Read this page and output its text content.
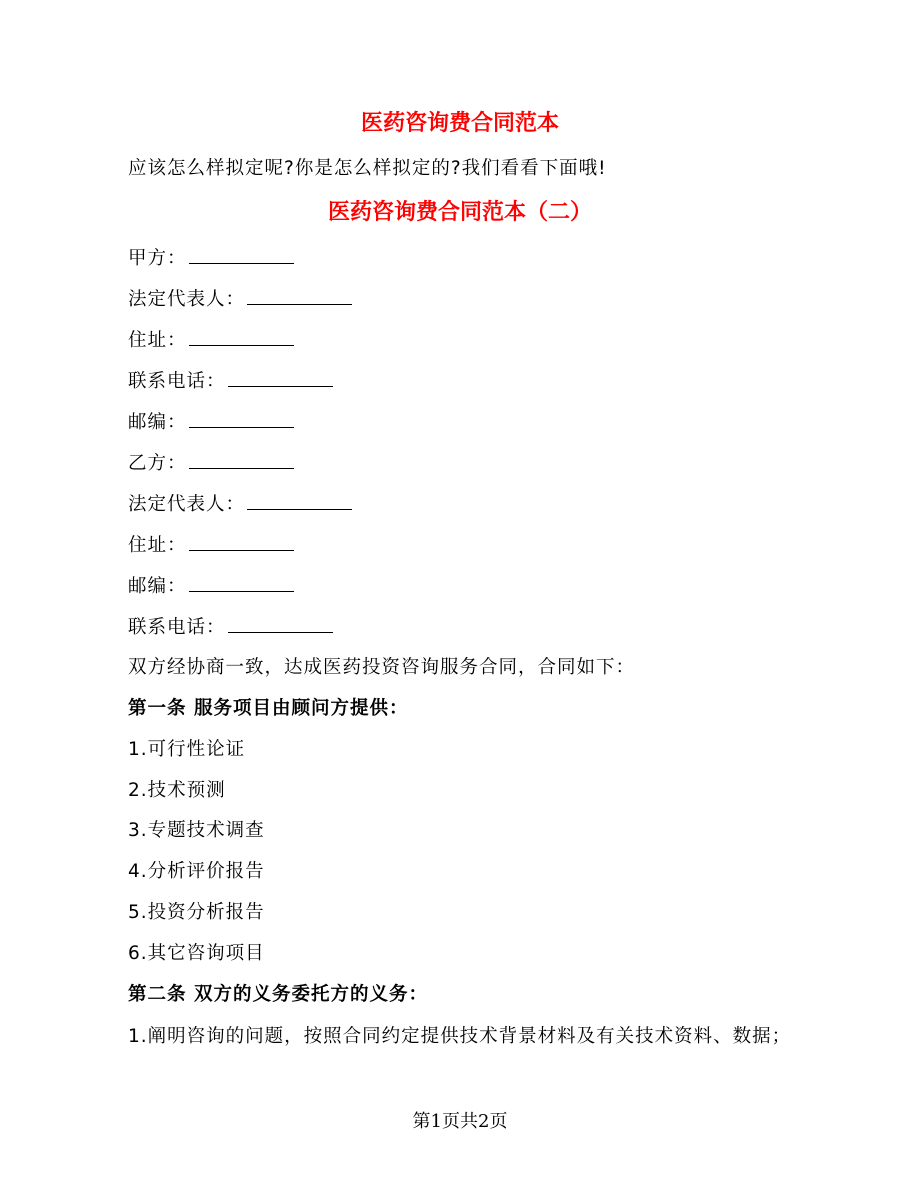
医药咨询费合同范本
应该怎么样拟定呢?你是怎么样拟定的?我们看看下面哦!
医药咨询费合同范本（二）
甲方：
法定代表人：
住址：
联系电话：
邮编：
乙方：
法定代表人：
住址：
邮编：
联系电话：
双方经协商一致，达成医药投资咨询服务合同，合同如下：
第一条 服务项目由顾问方提供：
1.可行性论证
2.技术预测
3.专题技术调查
4.分析评价报告
5.投资分析报告
6.其它咨询项目
第二条 双方的义务委托方的义务：
1.阐明咨询的问题，按照合同约定提供技术背景材料及有关技术资料、数据；
第1页共2页
